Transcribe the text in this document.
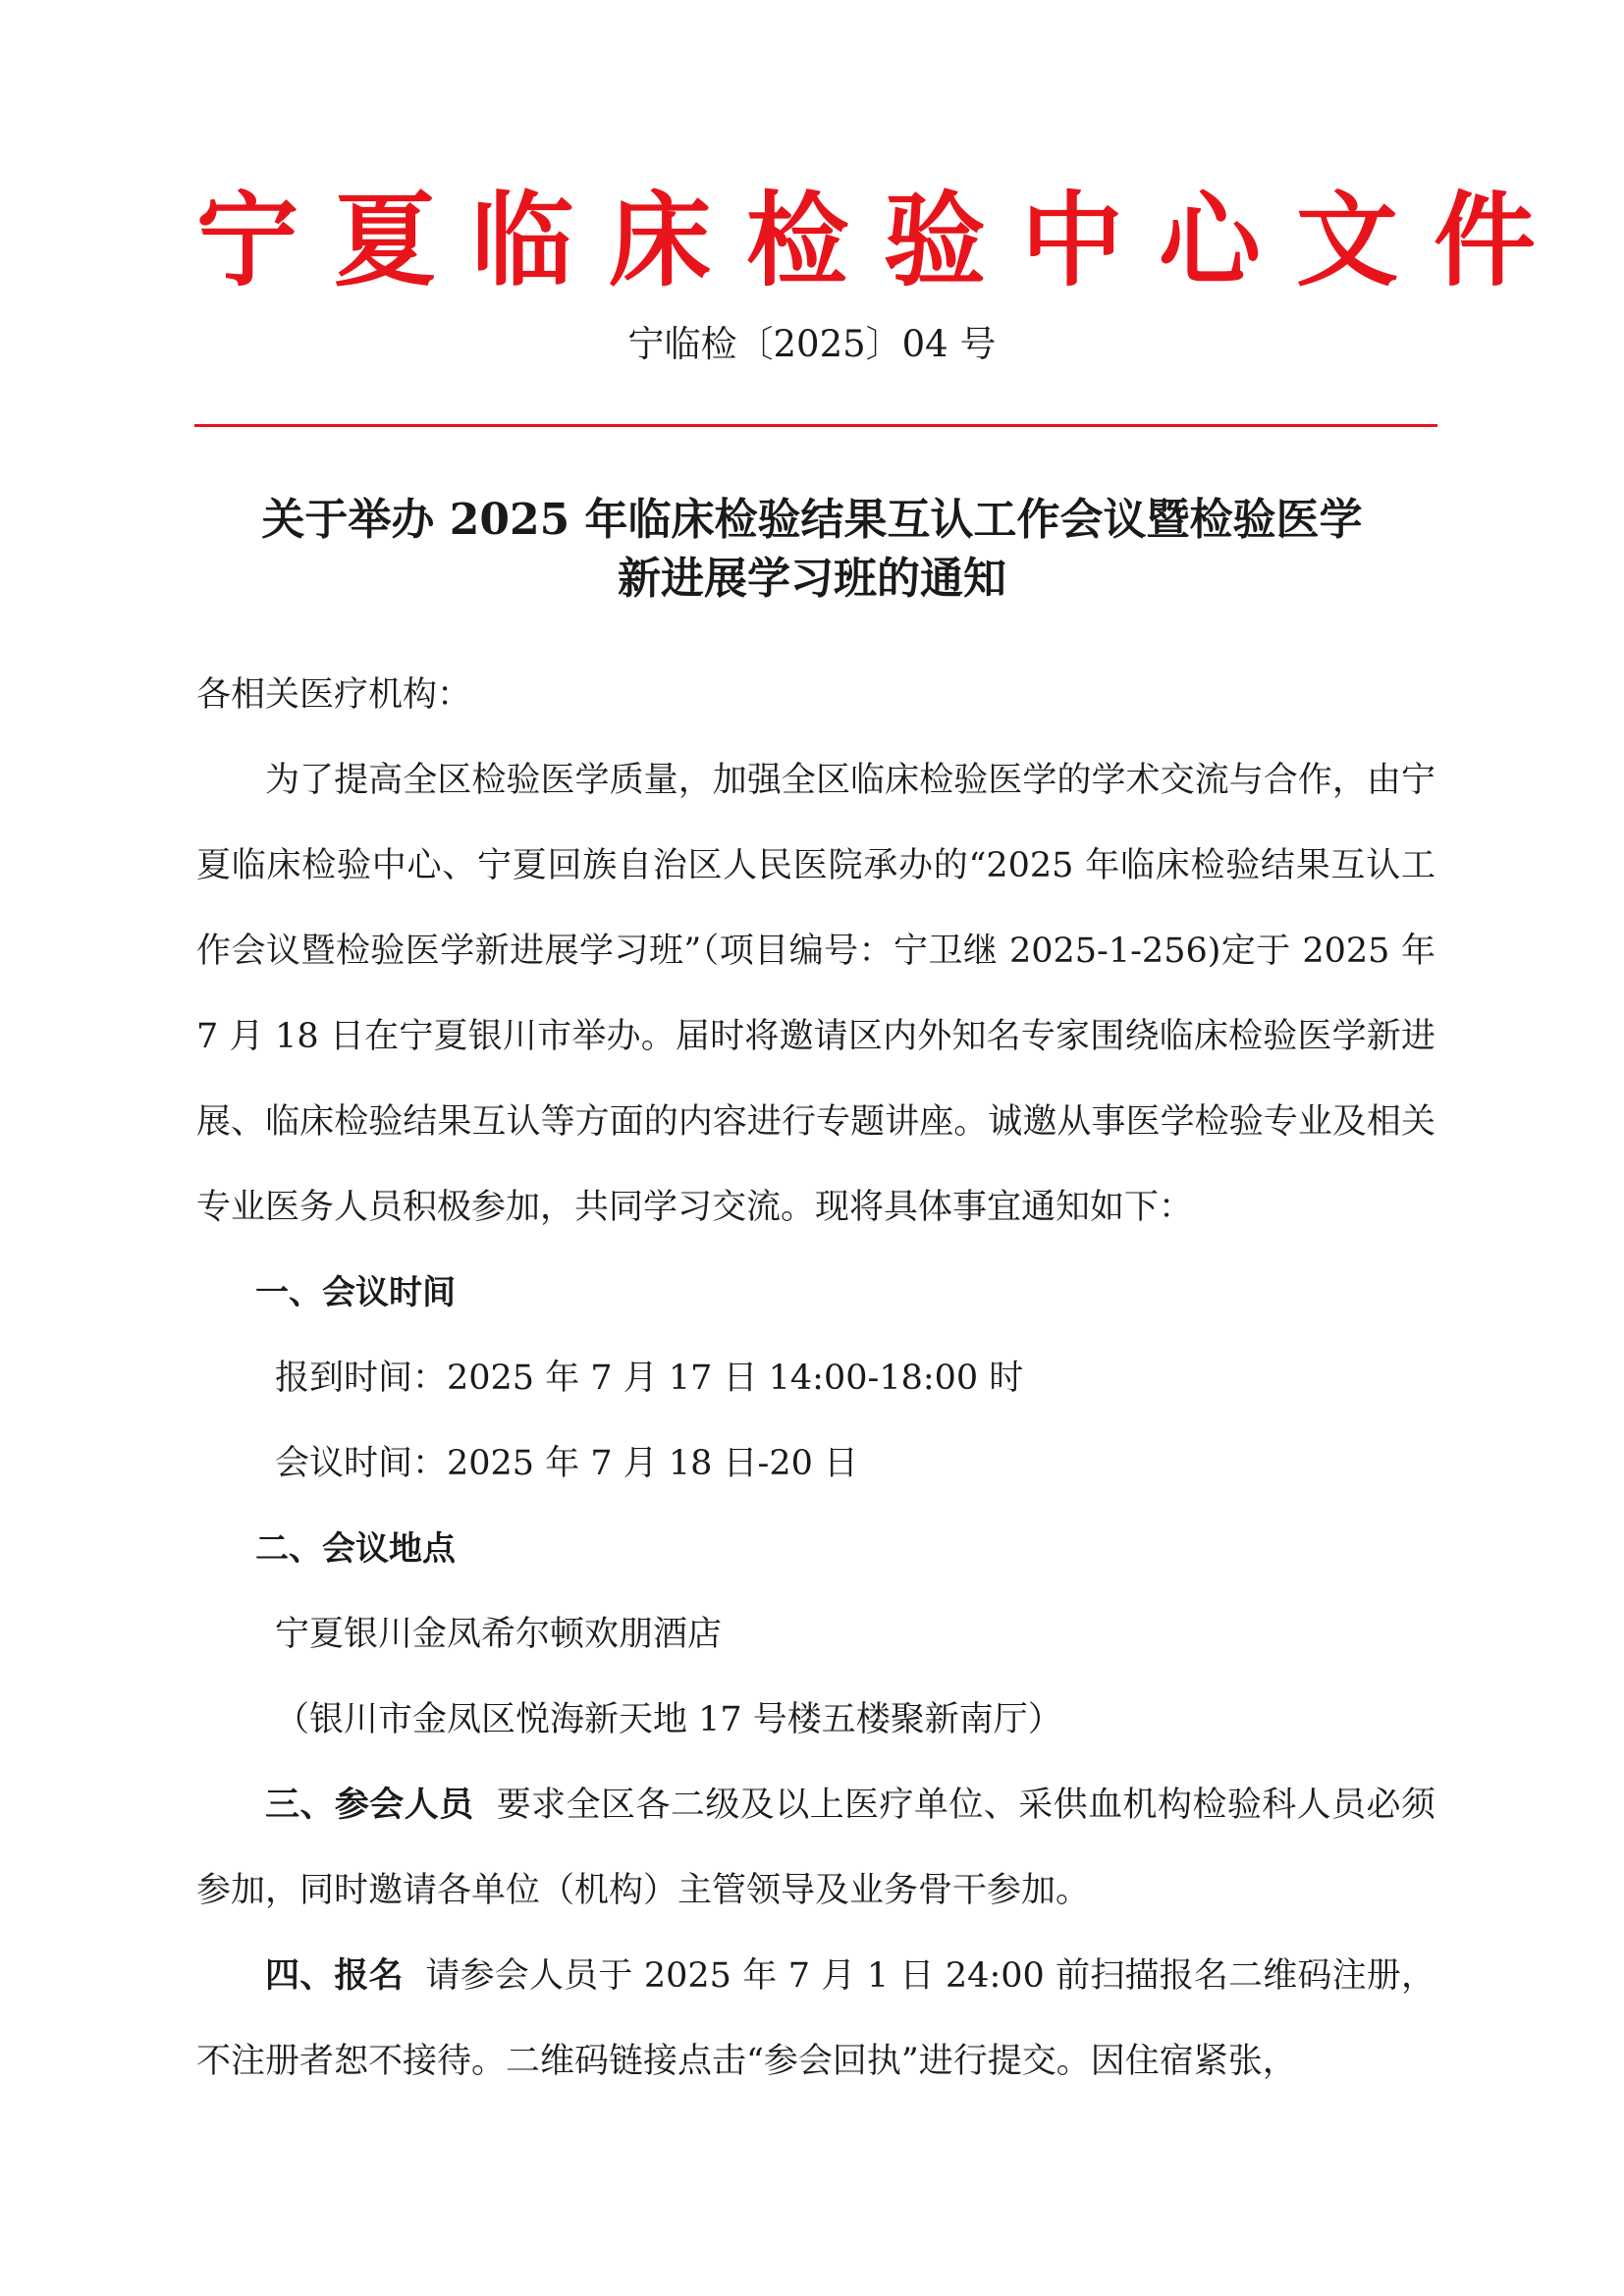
宁夏临床检验中心文件
宁临检〔2025〕04 号
关于举办 2025 年临床检验结果互认工作会议暨检验医学
新进展学习班的通知

各相关医疗机构：

为了提高全区检验医学质量，加强全区临床检验医学的学术交流与合作，由宁夏临床检验中心、宁夏回族自治区人民医院承办的“2025 年临床检验结果互认工作会议暨检验医学新进展学习班”（项目编号：宁卫继 2025-1-256)定于 2025 年 7 月 18 日在宁夏银川市举办。届时将邀请区内外知名专家围绕临床检验医学新进展、临床检验结果互认等方面的内容进行专题讲座。诚邀从事医学检验专业及相关专业医务人员积极参加，共同学习交流。现将具体事宜通知如下：

一、会议时间

报到时间：2025 年 7 月 17 日 14:00-18:00 时

会议时间：2025 年 7 月 18 日-20 日

二、会议地点

宁夏银川金凤希尔顿欢朋酒店

（银川市金凤区悦海新天地 17 号楼五楼聚新南厅）

三、参会人员 要求全区各二级及以上医疗单位、采供血机构检验科人员必须参加，同时邀请各单位（机构）主管领导及业务骨干参加。

四、报名 请参会人员于 2025 年 7 月 1 日 24:00 前扫描报名二维码注册，不注册者恕不接待。二维码链接点击“参会回执”进行提交。因住宿紧张，
